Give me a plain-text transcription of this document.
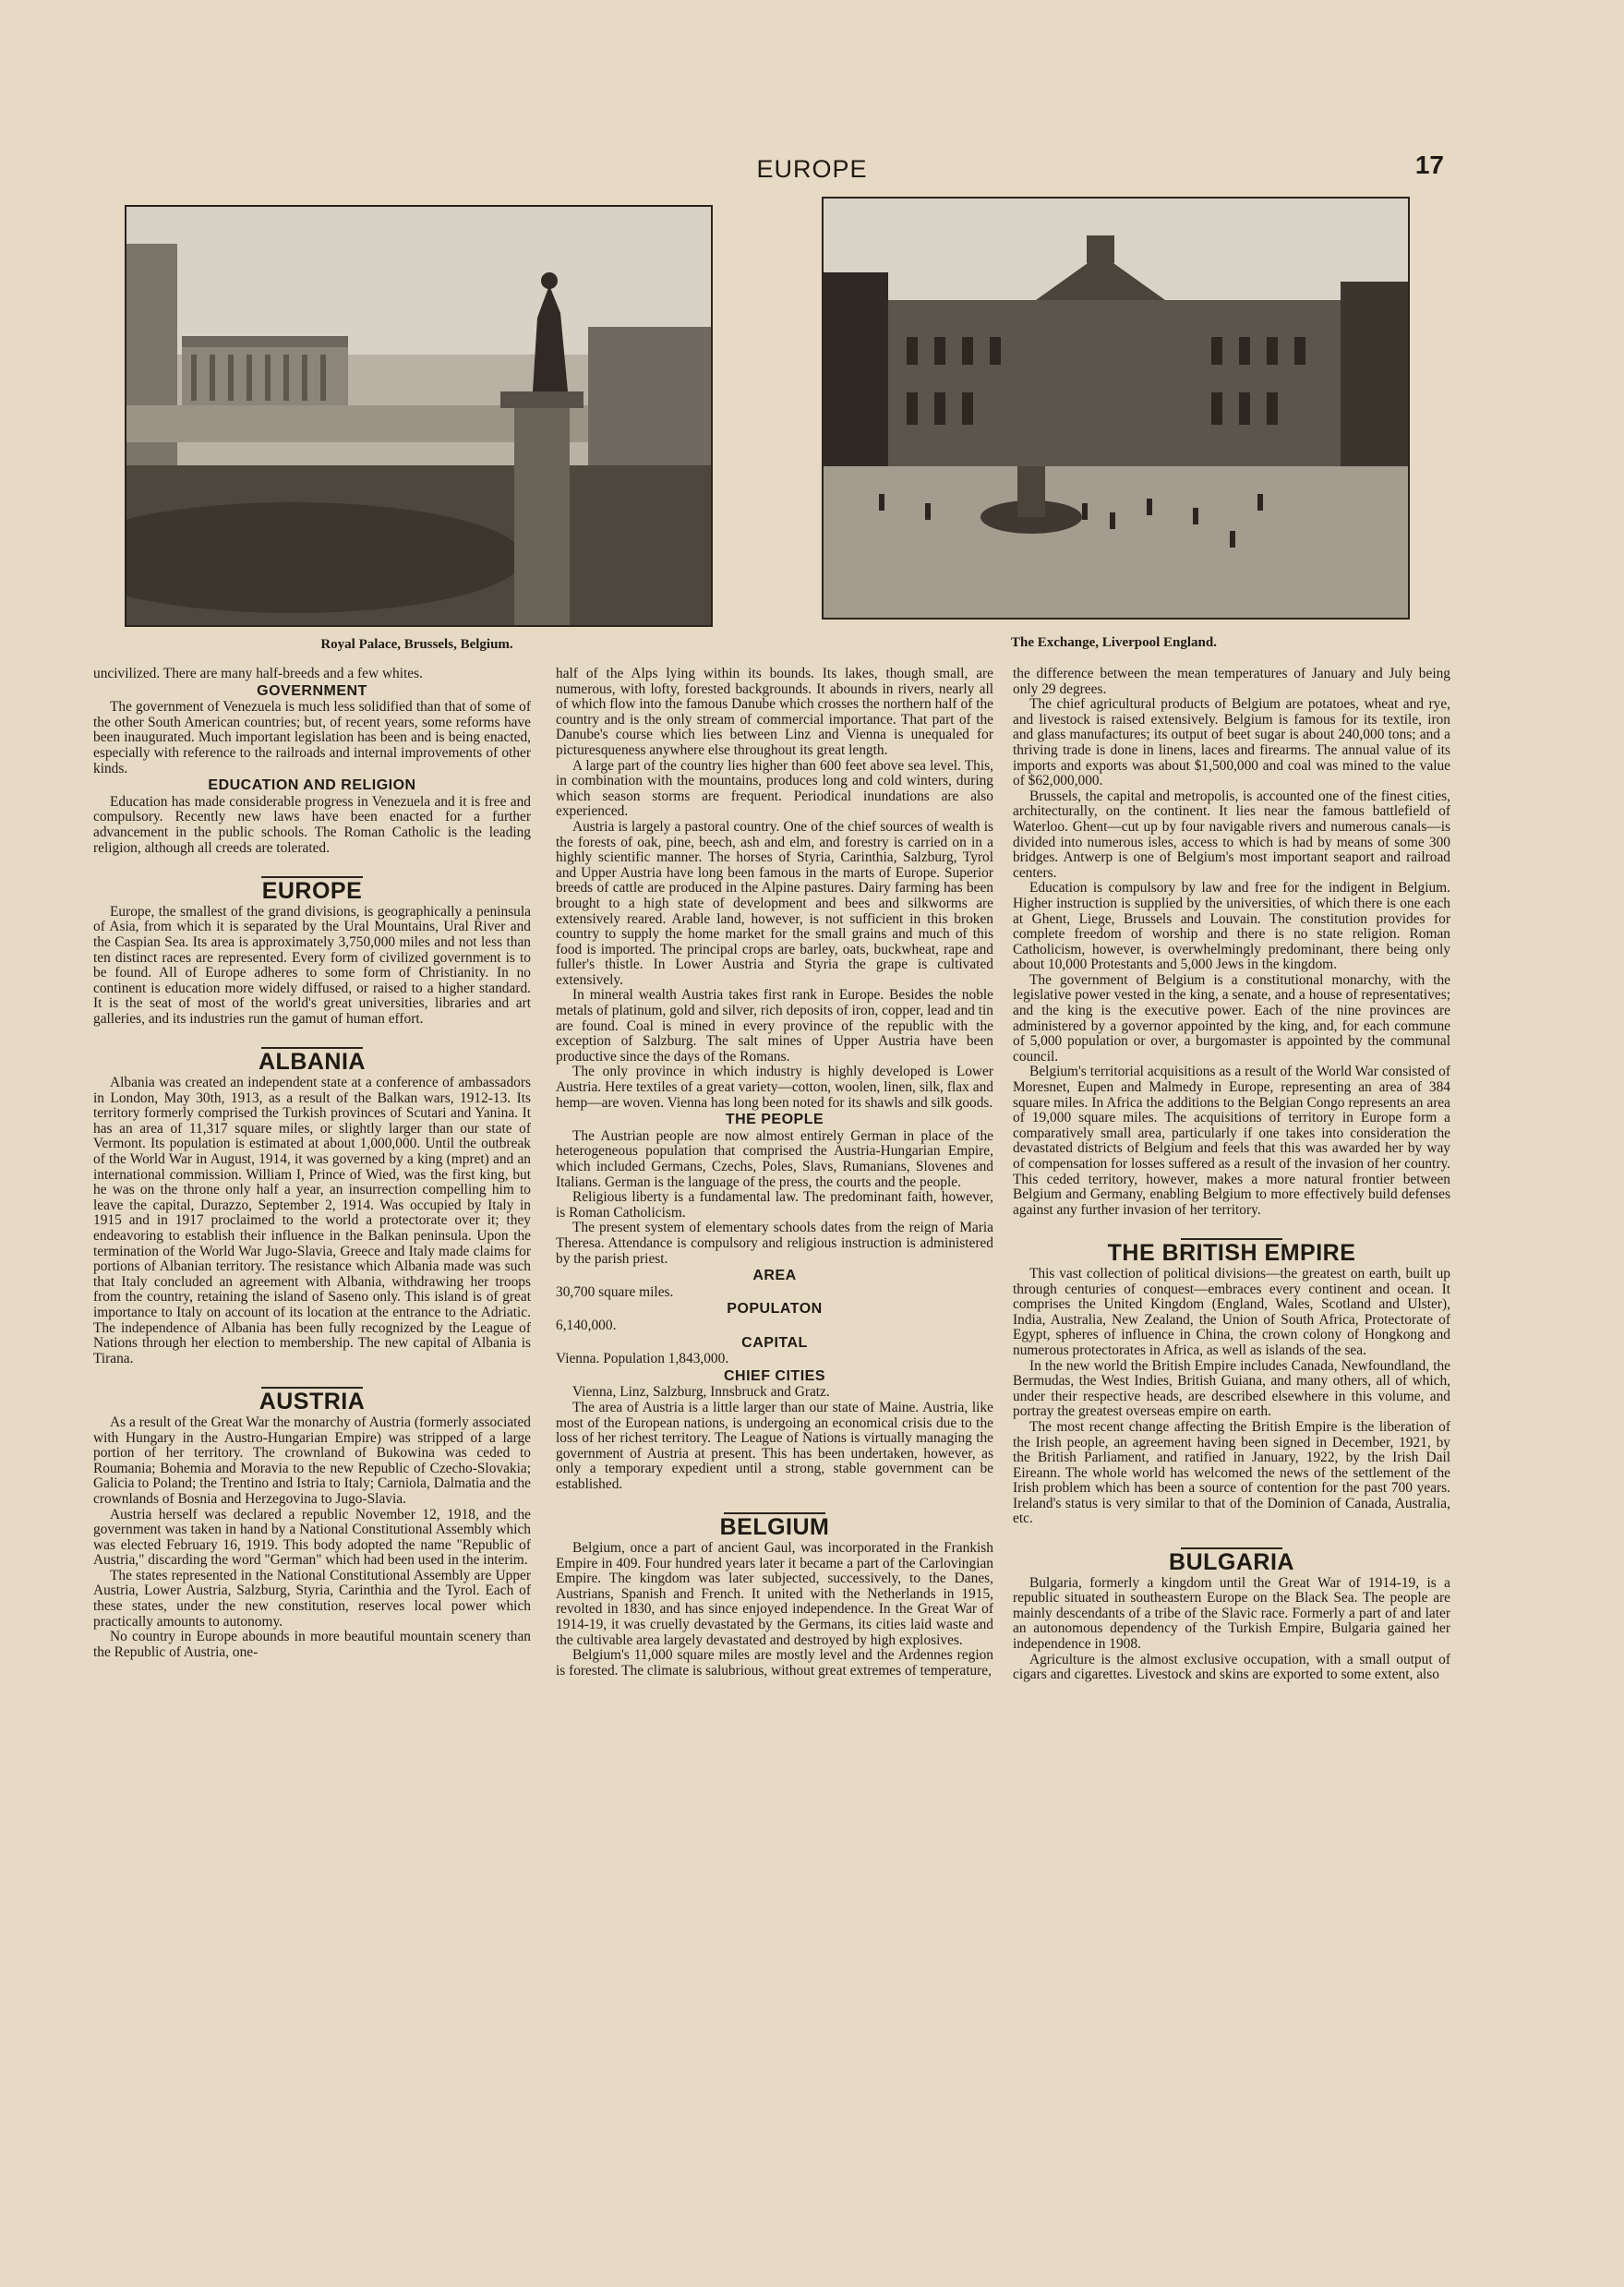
EUROPE	17
Royal Palace, Brussels, Belgium.	The Exchange, Liverpool England.

uncivilized. There are many half-breeds and a few whites.

GOVERNMENT

The government of Venezuela is much less solidified than that of some of the other South American countries; but, of recent years, some reforms have been inaugurated. Much important legislation has been and is being enacted, especially with reference to the railroads and internal improvements of other kinds.

EDUCATION AND RELIGION

Education has made considerable progress in Venezuela and it is free and compulsory. Recently new laws have been enacted for a further advancement in the public schools. The Roman Catholic is the leading religion, although all creeds are tolerated.

EUROPE

Europe, the smallest of the grand divisions, is geographically a peninsula of Asia, from which it is separated by the Ural Mountains, Ural River and the Caspian Sea. Its area is approximately 3,750,000 miles and not less than ten distinct races are represented. Every form of civilized government is to be found. All of Europe adheres to some form of Christianity. In no continent is education more widely diffused, or raised to a higher standard. It is the seat of most of the world's great universities, libraries and art galleries, and its industries run the gamut of human effort.

ALBANIA

Albania was created an independent state at a conference of ambassadors in London, May 30th, 1913, as a result of the Balkan wars, 1912-13. Its territory formerly comprised the Turkish provinces of Scutari and Yanina. It has an area of 11,317 square miles, or slightly larger than our state of Vermont. Its population is estimated at about 1,000,000. Until the outbreak of the World War in August, 1914, it was governed by a king (mpret) and an international commission. William I, Prince of Wied, was the first king, but he was on the throne only half a year, an insurrection compelling him to leave the capital, Durazzo, September 2, 1914. Was occupied by Italy in 1915 and in 1917 proclaimed to the world a protectorate over it; they endeavoring to establish their influence in the Balkan peninsula. Upon the termination of the World War Jugo-Slavia, Greece and Italy made claims for portions of Albanian territory. The resistance which Albania made was such that Italy concluded an agreement with Albania, withdrawing her troops from the country, retaining the island of Saseno only. This island is of great importance to Italy on account of its location at the entrance to the Adriatic. The independence of Albania has been fully recognized by the League of Nations through her election to membership. The new capital of Albania is Tirana.

AUSTRIA

As a result of the Great War the monarchy of Austria (formerly associated with Hungary in the Austro-Hungarian Empire) was stripped of a large portion of her territory. The crownland of Bukowina was ceded to Roumania; Bohemia and Moravia to the new Republic of Czecho-Slovakia; Galicia to Poland; the Trentino and Istria to Italy; Carniola, Dalmatia and the crownlands of Bosnia and Herzegovina to Jugo-Slavia.

Austria herself was declared a republic November 12, 1918, and the government was taken in hand by a National Constitutional Assembly which was elected February 16, 1919. This body adopted the name "Republic of Austria," discarding the word "German" which had been used in the interim.

The states represented in the National Constitutional Assembly are Upper Austria, Lower Austria, Salzburg, Styria, Carinthia and the Tyrol. Each of these states, under the new constitution, reserves local power which practically amounts to autonomy.

No country in Europe abounds in more beautiful mountain scenery than the Republic of Austria, one-

half of the Alps lying within its bounds. Its lakes, though small, are numerous, with lofty, forested backgrounds. It abounds in rivers, nearly all of which flow into the famous Danube which crosses the northern half of the country and is the only stream of commercial importance. That part of the Danube's course which lies between Linz and Vienna is unequaled for picturesqueness anywhere else throughout its great length.

A large part of the country lies higher than 600 feet above sea level. This, in combination with the mountains, produces long and cold winters, during which season storms are frequent. Periodical inundations are also experienced.

Austria is largely a pastoral country. One of the chief sources of wealth is the forests of oak, pine, beech, ash and elm, and forestry is carried on in a highly scientific manner. The horses of Styria, Carinthia, Salzburg, Tyrol and Upper Austria have long been famous in the marts of Europe. Superior breeds of cattle are produced in the Alpine pastures. Dairy farming has been brought to a high state of development and bees and silkworms are extensively reared. Arable land, however, is not sufficient in this broken country to supply the home market for the small grains and much of this food is imported. The principal crops are barley, oats, buckwheat, rape and fuller's thistle. In Lower Austria and Styria the grape is cultivated extensively.

In mineral wealth Austria takes first rank in Europe. Besides the noble metals of platinum, gold and silver, rich deposits of iron, copper, lead and tin are found. Coal is mined in every province of the republic with the exception of Salzburg. The salt mines of Upper Austria have been productive since the days of the Romans.

The only province in which industry is highly developed is Lower Austria. Here textiles of a great variety—cotton, woolen, linen, silk, flax and hemp—are woven. Vienna has long been noted for its shawls and silk goods.

THE PEOPLE

The Austrian people are now almost entirely German in place of the heterogeneous population that comprised the Austria-Hungarian Empire, which included Germans, Czechs, Poles, Slavs, Rumanians, Slovenes and Italians. German is the language of the press, the courts and the people.

Religious liberty is a fundamental law. The predominant faith, however, is Roman Catholicism.

The present system of elementary schools dates from the reign of Maria Theresa. Attendance is compulsory and religious instruction is administered by the parish priest.

AREA

30,700 square miles.

POPULATON

6,140,000.

CAPITAL

Vienna. Population 1,843,000.

CHIEF CITIES

Vienna, Linz, Salzburg, Innsbruck and Gratz.

The area of Austria is a little larger than our state of Maine. Austria, like most of the European nations, is undergoing an economical crisis due to the loss of her richest territory. The League of Nations is virtually managing the government of Austria at present. This has been undertaken, however, as only a temporary expedient until a strong, stable government can be established.

BELGIUM

Belgium, once a part of ancient Gaul, was incorporated in the Frankish Empire in 409. Four hundred years later it became a part of the Carlovingian Empire. The kingdom was later subjected, successively, to the Danes, Austrians, Spanish and French. It united with the Netherlands in 1915, revolted in 1830, and has since enjoyed independence. In the Great War of 1914-19, it was cruelly devastated by the Germans, its cities laid waste and the cultivable area largely devastated and destroyed by high explosives.

Belgium's 11,000 square miles are mostly level and the Ardennes region is forested. The climate is salubrious, without great extremes of temperature,

the difference between the mean temperatures of January and July being only 29 degrees.

The chief agricultural products of Belgium are potatoes, wheat and rye, and livestock is raised extensively. Belgium is famous for its textile, iron and glass manufactures; its output of beet sugar is about 240,000 tons; and a thriving trade is done in linens, laces and firearms. The annual value of its imports and exports was about $1,500,000 and coal was mined to the value of $62,000,000.

Brussels, the capital and metropolis, is accounted one of the finest cities, architecturally, on the continent. It lies near the famous battlefield of Waterloo. Ghent—cut up by four navigable rivers and numerous canals—is divided into numerous isles, access to which is had by means of some 300 bridges. Antwerp is one of Belgium's most important seaport and railroad centers.

Education is compulsory by law and free for the indigent in Belgium. Higher instruction is supplied by the universities, of which there is one each at Ghent, Liege, Brussels and Louvain. The constitution provides for complete freedom of worship and there is no state religion. Roman Catholicism, however, is overwhelmingly predominant, there being only about 10,000 Protestants and 5,000 Jews in the kingdom.

The government of Belgium is a constitutional monarchy, with the legislative power vested in the king, a senate, and a house of representatives; and the king is the executive power. Each of the nine provinces are administered by a governor appointed by the king, and, for each commune of 5,000 population or over, a burgomaster is appointed by the communal council.

Belgium's territorial acquisitions as a result of the World War consisted of Moresnet, Eupen and Malmedy in Europe, representing an area of 384 square miles. In Africa the additions to the Belgian Congo represents an area of 19,000 square miles. The acquisitions of territory in Europe form a comparatively small area, particularly if one takes into consideration the devastated districts of Belgium and feels that this was awarded her by way of compensation for losses suffered as a result of the invasion of her country. This ceded territory, however, makes a more natural frontier between Belgium and Germany, enabling Belgium to more effectively build defenses against any further invasion of her territory.

THE BRITISH EMPIRE

This vast collection of political divisions—the greatest on earth, built up through centuries of conquest—embraces every continent and ocean. It comprises the United Kingdom (England, Wales, Scotland and Ulster), India, Australia, New Zealand, the Union of South Africa, Protectorate of Egypt, spheres of influence in China, the crown colony of Hongkong and numerous protectorates in Africa, as well as islands of the sea.

In the new world the British Empire includes Canada, Newfoundland, the Bermudas, the West Indies, British Guiana, and many others, all of which, under their respective heads, are described elsewhere in this volume, and portray the greatest overseas empire on earth.

The most recent change affecting the British Empire is the liberation of the Irish people, an agreement having been signed in December, 1921, by the British Parliament, and ratified in January, 1922, by the Irish Dail Eireann. The whole world has welcomed the news of the settlement of the Irish problem which has been a source of contention for the past 700 years. Ireland's status is very similar to that of the Dominion of Canada, Australia, etc.

BULGARIA

Bulgaria, formerly a kingdom until the Great War of 1914-19, is a republic situated in southeastern Europe on the Black Sea. The people are mainly descendants of a tribe of the Slavic race. Formerly a part of and later an autonomous dependency of the Turkish Empire, Bulgaria gained her independence in 1908.

Agriculture is the almost exclusive occupation, with a small output of cigars and cigarettes. Livestock and skins are exported to some extent, also
